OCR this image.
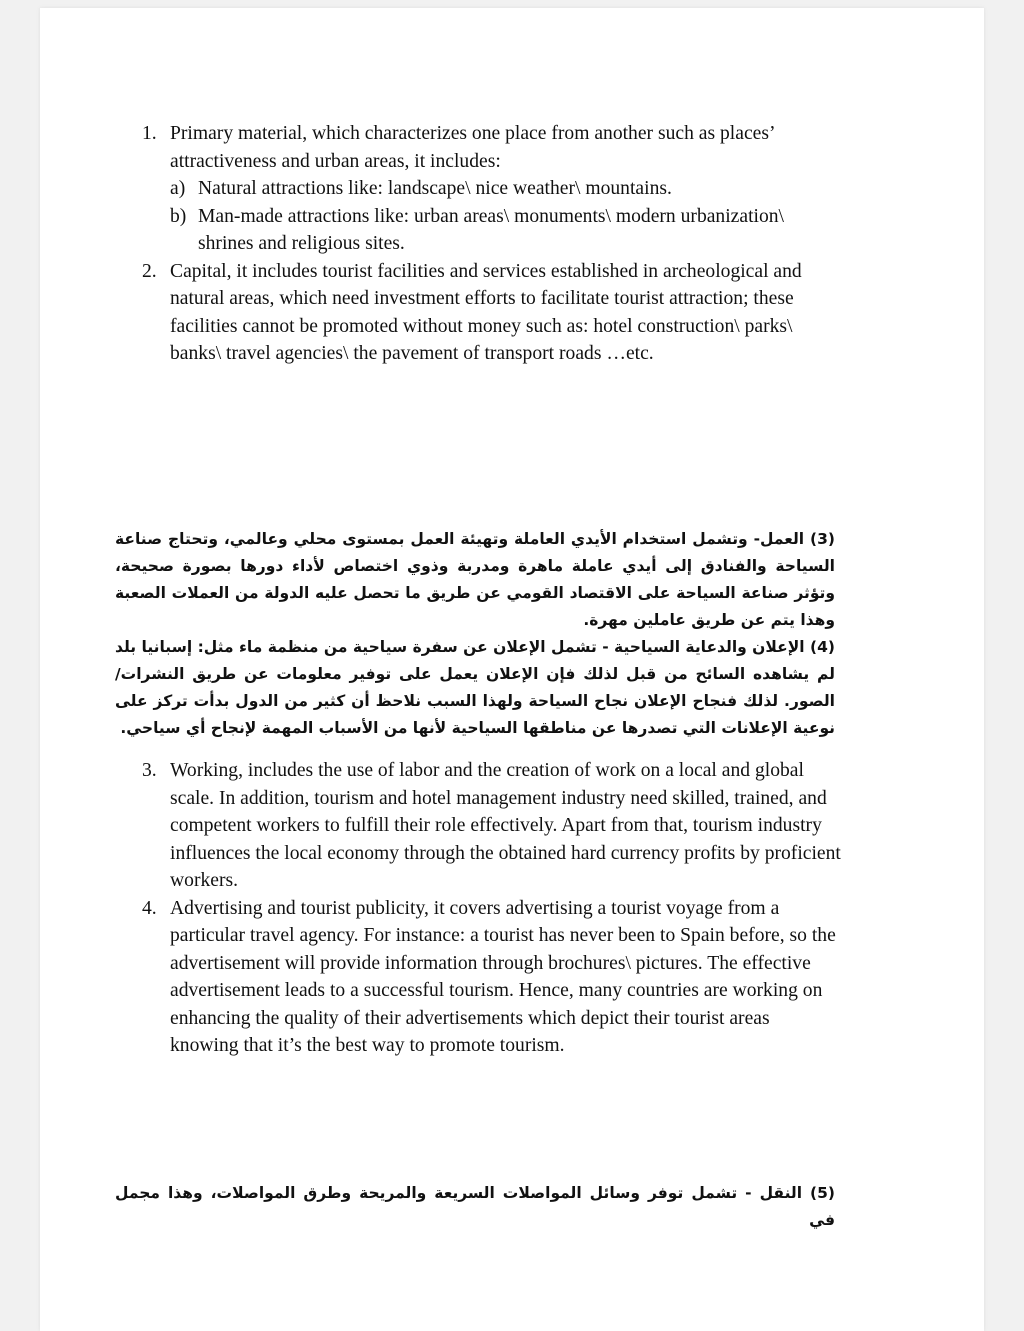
1. Primary material, which characterizes one place from another such as places’ attractiveness and urban areas, it includes:
a) Natural attractions like: landscape\ nice weather\ mountains.
b) Man-made attractions like: urban areas\ monuments\ modern urbanization\ shrines and religious sites.
2. Capital, it includes tourist facilities and services established in archeological and natural areas, which need investment efforts to facilitate tourist attraction; these facilities cannot be promoted without money such as: hotel construction\ parks\ banks\ travel agencies\ the pavement of transport roads …etc.

(3) العمل- وتشمل استخدام الأيدي العاملة وتهيئة العمل بمستوى محلي وعالمي، وتحتاج صناعة السياحة والفنادق إلى أيدي عاملة ماهرة ومدربة وذوي اختصاص لأداء دورها بصورة صحيحة، وتؤثر صناعة السياحة على الاقتصاد القومي عن طريق ما تحصل عليه الدولة من العملات الصعبة وهذا يتم عن طريق عاملين مهرة.

(4) الإعلان والدعاية السياحية - تشمل الإعلان عن سفرة سياحية من منظمة ماء مثل: إسبانيا بلد لم يشاهده السائح من قبل لذلك فإن الإعلان يعمل على توفير معلومات عن طريق النشرات/ الصور. لذلك فنجاح الإعلان نجاح السياحة ولهذا السبب نلاحظ أن كثير من الدول بدأت تركز على نوعية الإعلانات التي تصدرها عن مناطقها السياحية لأنها من الأسباب المهمة لإنجاح أي سياحي.

3. Working, includes the use of labor and the creation of work on a local and global scale. In addition, tourism and hotel management industry need skilled, trained, and competent workers to fulfill their role effectively. Apart from that, tourism industry influences the local economy through the obtained hard currency profits by proficient workers.
4. Advertising and tourist publicity, it covers advertising a tourist voyage from a particular travel agency. For instance: a tourist has never been to Spain before, so the advertisement will provide information through brochures\ pictures. The effective advertisement leads to a successful tourism. Hence, many countries are working on enhancing the quality of their advertisements which depict their tourist areas knowing that it’s the best way to promote tourism.

(5) النقل - تشمل توفر وسائل المواصلات السريعة والمريحة وطرق المواصلات، وهذا مجمل في
